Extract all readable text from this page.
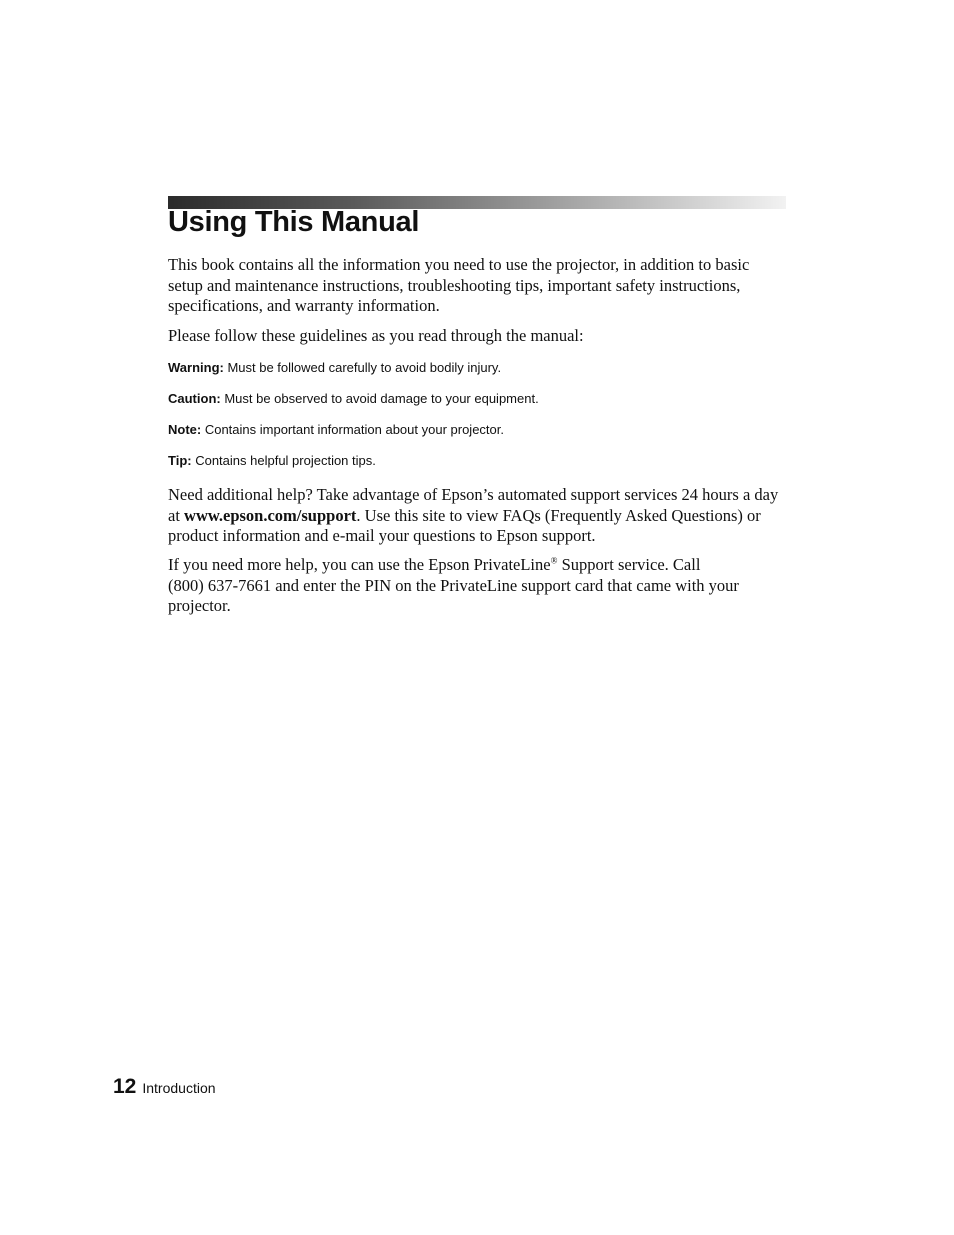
Using This Manual

This book contains all the information you need to use the projector, in addition to basic setup and maintenance instructions, troubleshooting tips, important safety instructions, specifications, and warranty information.

Please follow these guidelines as you read through the manual:

Warning: Must be followed carefully to avoid bodily injury.

Caution: Must be observed to avoid damage to your equipment.

Note: Contains important information about your projector.

Tip: Contains helpful projection tips.

Need additional help? Take advantage of Epson’s automated support services 24 hours a day at www.epson.com/support. Use this site to view FAQs (Frequently Asked Questions) or product information and e-mail your questions to Epson support.

If you need more help, you can use the Epson PrivateLine® Support service. Call
(800) 637-7661 and enter the PIN on the PrivateLine support card that came with your projector.

12 Introduction
